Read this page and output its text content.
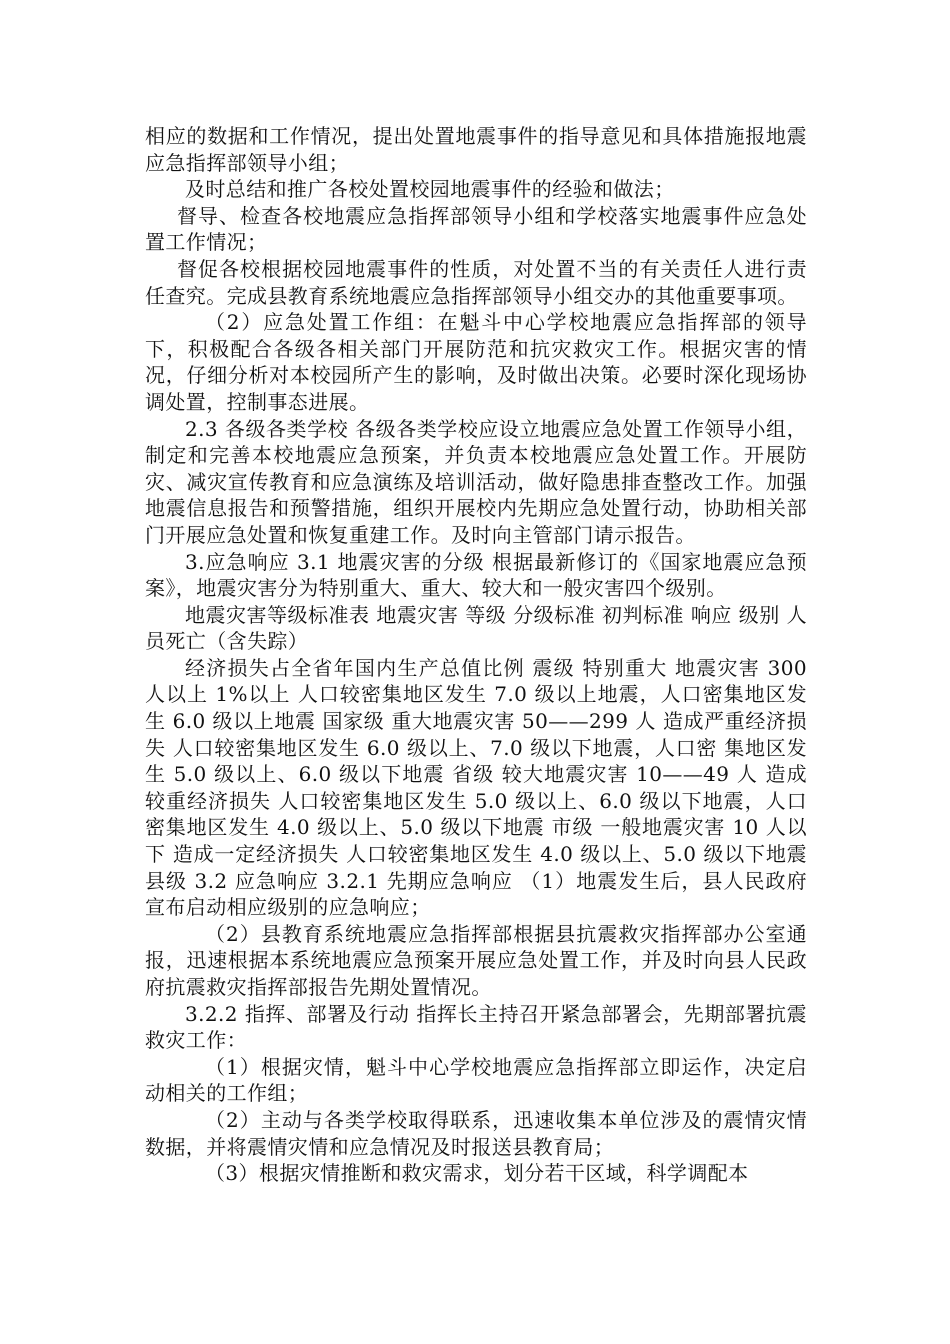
相应的数据和工作情况，提出处置地震事件的指导意见和具体措施报地震应急指挥部领导小组；

及时总结和推广各校处置校园地震事件的经验和做法；

督导、检查各校地震应急指挥部领导小组和学校落实地震事件应急处置工作情况；

督促各校根据校园地震事件的性质，对处置不当的有关责任人进行责任查究。完成县教育系统地震应急指挥部领导小组交办的其他重要事项。

（2）应急处置工作组：在魁斗中心学校地震应急指挥部的领导下，积极配合各级各相关部门开展防范和抗灾救灾工作。根据灾害的情况，仔细分析对本校园所产生的影响，及时做出决策。必要时深化现场协调处置，控制事态进展。

2.3 各级各类学校 各级各类学校应设立地震应急处置工作领导小组，制定和完善本校地震应急预案，并负责本校地震应急处置工作。开展防灾、减灾宣传教育和应急演练及培训活动，做好隐患排查整改工作。加强地震信息报告和预警措施，组织开展校内先期应急处置行动，协助相关部门开展应急处置和恢复重建工作。及时向主管部门请示报告。

3.应急响应 3.1 地震灾害的分级 根据最新修订的《国家地震应急预案》，地震灾害分为特别重大、重大、较大和一般灾害四个级别。

地震灾害等级标准表 地震灾害 等级 分级标准 初判标准 响应 级别 人员死亡（含失踪）

经济损失占全省年国内生产总值比例 震级 特别重大 地震灾害 300 人以上 1%以上 人口较密集地区发生 7.0 级以上地震，人口密集地区发生 6.0 级以上地震 国家级 重大地震灾害 50——299 人 造成严重经济损失 人口较密集地区发生 6.0 级以上、7.0 级以下地震，人口密 集地区发生 5.0 级以上、6.0 级以下地震 省级 较大地震灾害 10——49 人 造成较重经济损失 人口较密集地区发生 5.0 级以上、6.0 级以下地震，人口密集地区发生 4.0 级以上、5.0 级以下地震 市级 一般地震灾害 10 人以下 造成一定经济损失 人口较密集地区发生 4.0 级以上、5.0 级以下地震 县级 3.2 应急响应 3.2.1 先期应急响应 （1）地震发生后，县人民政府宣布启动相应级别的应急响应；

（2）县教育系统地震应急指挥部根据县抗震救灾指挥部办公室通报，迅速根据本系统地震应急预案开展应急处置工作，并及时向县人民政府抗震救灾指挥部报告先期处置情况。

3.2.2 指挥、部署及行动 指挥长主持召开紧急部署会，先期部署抗震救灾工作：

（1）根据灾情，魁斗中心学校地震应急指挥部立即运作，决定启动相关的工作组；

（2）主动与各类学校取得联系，迅速收集本单位涉及的震情灾情数据，并将震情灾情和应急情况及时报送县教育局；

（3）根据灾情推断和救灾需求，划分若干区域，科学调配本
